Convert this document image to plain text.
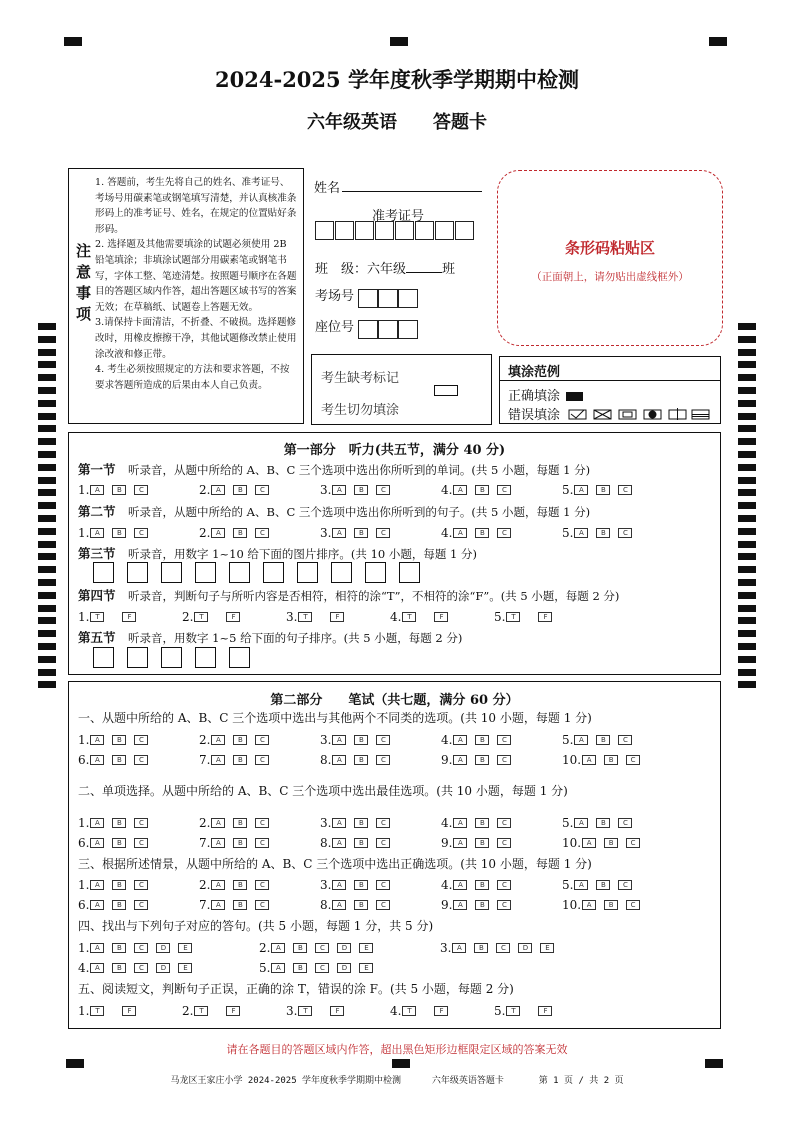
2024-2025 学年度秋季学期期中检测
六年级英语　　答题卡
注意事项
1. 答题前，考生先将自己的姓名、准考证号、考场号用碳素笔或钢笔填写清楚，并认真核准条形码上的准考证号、姓名，在规定的位置贴好条形码。
2. 选择题及其他需要填涂的试题必须使用 2B 铅笔填涂；非填涂试题部分用碳素笔或钢笔书写，字体工整、笔迹清楚。按照题号顺序在各题目的答题区域内作答，超出答题区域书写的答案无效；在草稿纸、试题卷上答题无效。
3.请保持卡面清洁，不折叠、不破损。选择题修改时，用橡皮擦擦干净，其他试题修改禁止使用涂改液和修正带。
4. 考生必须按照规定的方法和要求答题，不按要求答题所造成的后果由本人自己负责。
姓名
准考证号
班　级：六年级	班
考场号
座位号
条形码粘贴区
（正面朝上，请勿贴出虚线框外）
考生缺考标记
考生切勿填涂
填涂范例
正确填涂
错误填涂
第一部分　听力(共五节，满分 40 分)
第一节　 听录音，从题中所给的 A、B、C 三个选项中选出你所听到的单词。(共 5 小题，每题 1 分)
1. A B C	2. A B C	3. A B C	4. A B C	5. A B C
第二节　 听录音，从题中所给的 A、B、C 三个选项中选出你所听到的句子。(共 5 小题，每题 1 分)
1. A B C	2. A B C	3. A B C	4. A B C	5. A B C
第三节　 听录音，用数字 1~10 给下面的图片排序。(共 10 小题，每题 1 分)
第四节　 听录音，判断句子与所听内容是否相符，相符的涂“T”，不相符的涂“F”。(共 5 小题，每题 2 分)
1. T	F	2. T	F	3. T	F	4. T	F	5. T	F
第五节　 听录音，用数字 1~5 给下面的句子排序。(共 5 小题，每题 2 分)
第二部分　　笔试（共七题，满分 60 分）
一、从题中所给的 A、B、C 三个选项中选出与其他两个不同类的选项。(共 10 小题，每题 1 分)
1. A B C	2. A B C	3. A B C	4. A B C	5. A B C
6. A B C	7. A B C	8. A B C	9. A B C	10. A B C
二、单项选择。从题中所给的 A、B、C 三个选项中选出最佳选项。(共 10 小题，每题 1 分)
1. A B C	2. A B C	3. A B C	4. A B C	5. A B C
6. A B C	7. A B C	8. A B C	9. A B C	10. A B C
三、根据所述情景，从题中所给的 A、B、C 三个选项中选出正确选项。(共 10 小题，每题 1 分)
1. A B C	2. A B C	3. A B C	4. A B C	5. A B C
6. A B C	7. A B C	8. A B C	9. A B C	10. A B C
四、找出与下列句子对应的答句。(共 5 小题，每题 1 分，共 5 分)
1. A B C D E	2. A B C D E	3. A B C D E
4. A B C D E	5. A B C D E
五、阅读短文，判断句子正误，正确的涂 T，错误的涂 F。(共 5 小题，每题 2 分)
1. T	F	2. T	F	3. T	F	4. T	F	5. T	F
请在各题目的答题区域内作答，超出黑色矩形边框限定区域的答案无效
马龙区王家庄小学 2024-2025 学年度秋季学期期中检测	六年级英语答题卡	第 1 页 / 共 2 页
